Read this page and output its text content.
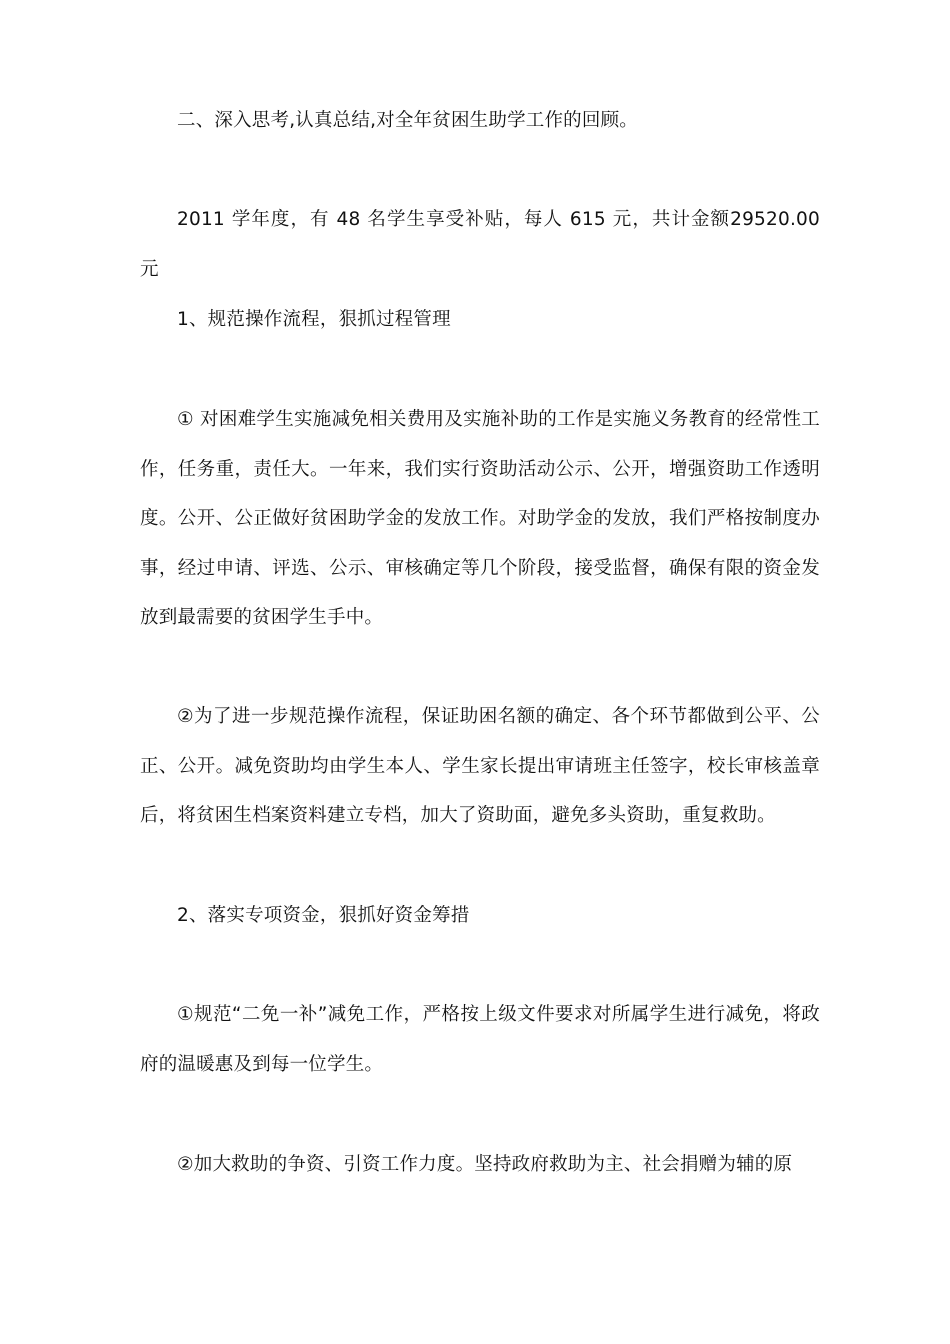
二、深入思考,认真总结,对全年贫困生助学工作的回顾。

2011 学年度，有 48 名学生享受补贴，每人 615 元，共计金额29520.00 元

1、规范操作流程，狠抓过程管理

① 对困难学生实施减免相关费用及实施补助的工作是实施义务教育的经常性工作，任务重，责任大。一年来，我们实行资助活动公示、公开，增强资助工作透明度。公开、公正做好贫困助学金的发放工作。对助学金的发放，我们严格按制度办事，经过申请、评选、公示、审核确定等几个阶段，接受监督，确保有限的资金发放到最需要的贫困学生手中。

②为了进一步规范操作流程，保证助困名额的确定、各个环节都做到公平、公正、公开。减免资助均由学生本人、学生家长提出审请班主任签字，校长审核盖章后，将贫困生档案资料建立专档，加大了资助面，避免多头资助，重复救助。

2、落实专项资金，狠抓好资金筹措

①规范“二免一补”减免工作，严格按上级文件要求对所属学生进行减免，将政府的温暖惠及到每一位学生。

②加大救助的争资、引资工作力度。坚持政府救助为主、社会捐赠为辅的原
